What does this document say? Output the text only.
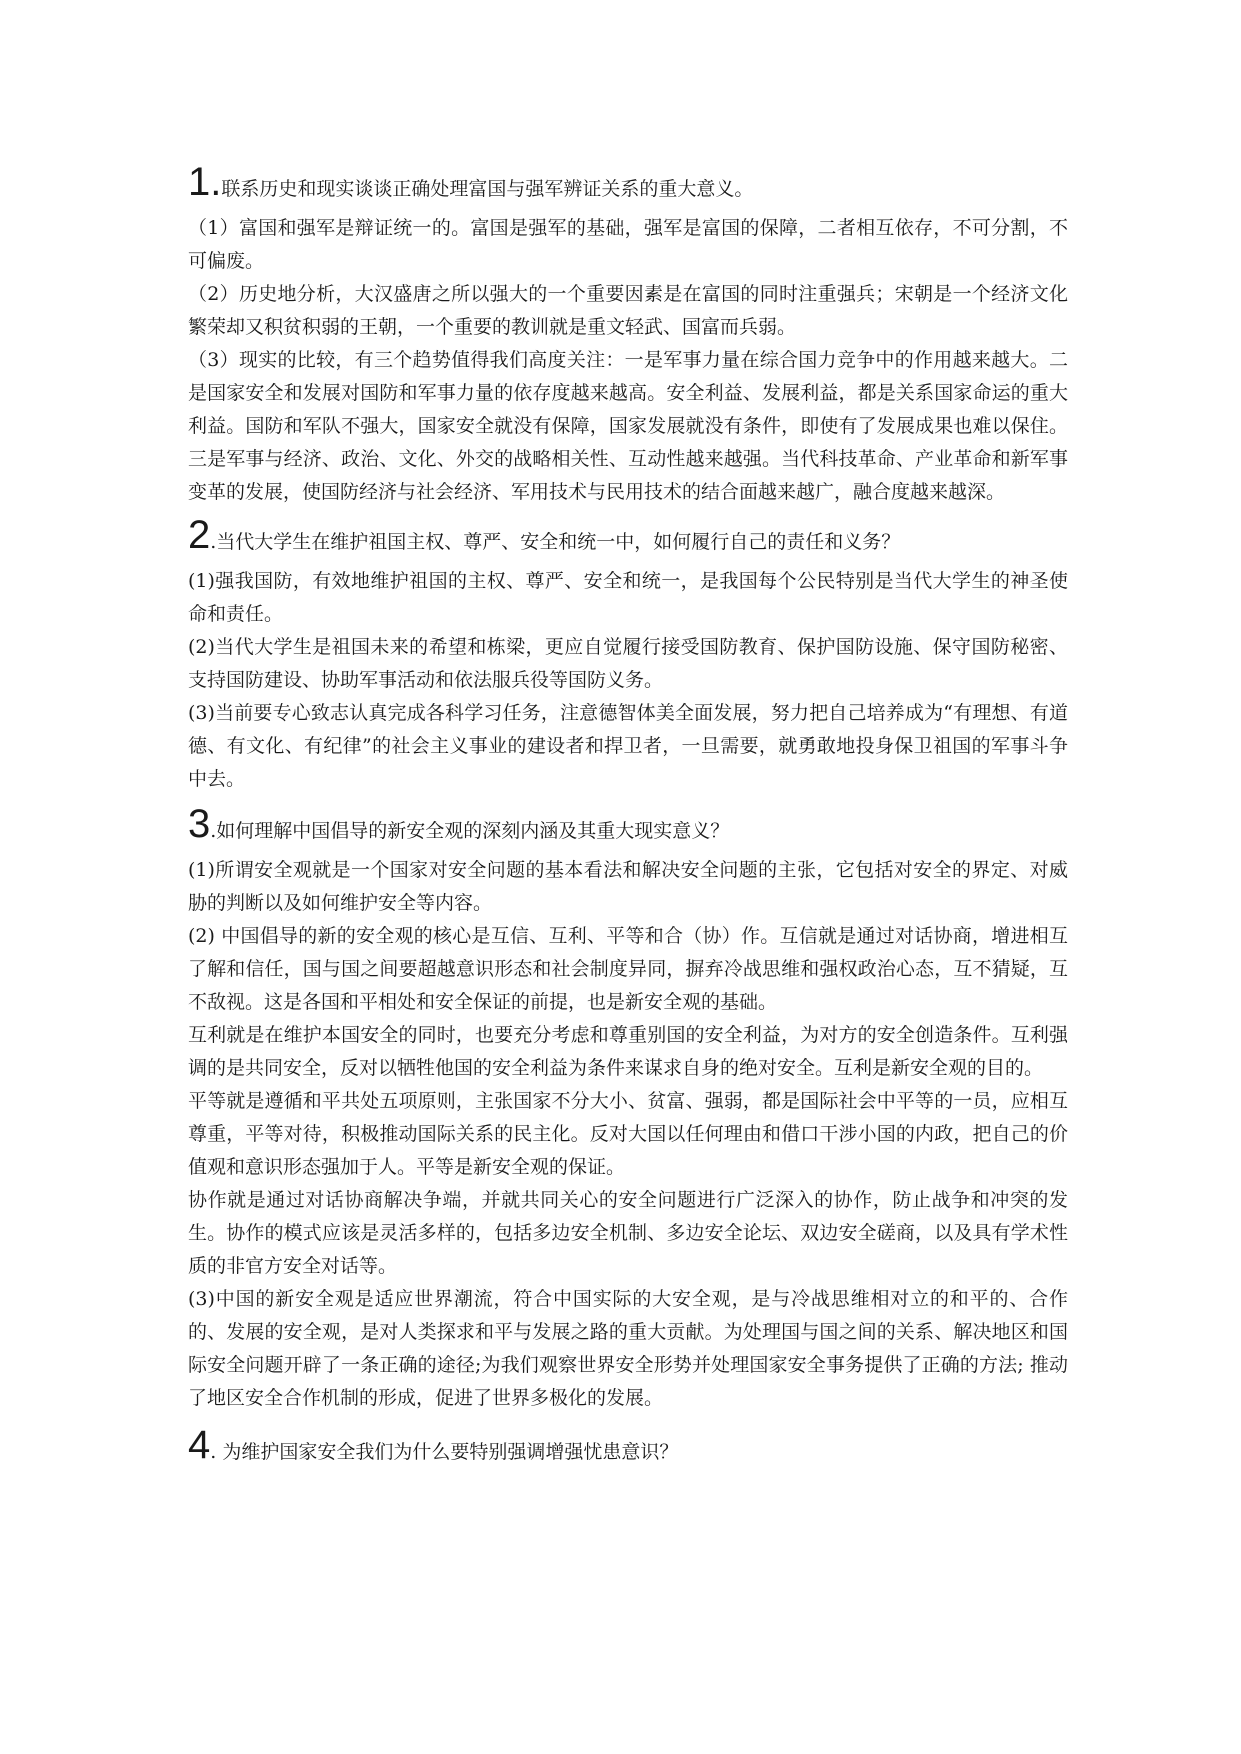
1. 联系历史和现实谈谈正确处理富国与强军辨证关系的重大意义。

（1）富国和强军是辩证统一的。富国是强军的基础，强军是富国的保障，二者相互依存，不可分割，不可偏废。

（2）历史地分析，大汉盛唐之所以强大的一个重要因素是在富国的同时注重强兵；宋朝是一个经济文化繁荣却又积贫积弱的王朝，一个重要的教训就是重文轻武、国富而兵弱。

（3）现实的比较，有三个趋势值得我们高度关注：一是军事力量在综合国力竞争中的作用越来越大。二是国家安全和发展对国防和军事力量的依存度越来越高。安全利益、发展利益，都是关系国家命运的重大利益。国防和军队不强大，国家安全就没有保障，国家发展就没有条件，即使有了发展成果也难以保住。三是军事与经济、政治、文化、外交的战略相关性、互动性越来越强。当代科技革命、产业革命和新军事变革的发展，使国防经济与社会经济、军用技术与民用技术的结合面越来越广，融合度越来越深。

2 .当代大学生在维护祖国主权、尊严、安全和统一中，如何履行自己的责任和义务？

(1)强我国防，有效地维护祖国的主权、尊严、安全和统一，是我国每个公民特别是当代大学生的神圣使命和责任。

(2)当代大学生是祖国未来的希望和栋梁，更应自觉履行接受国防教育、保护国防设施、保守国防秘密、支持国防建设、协助军事活动和依法服兵役等国防义务。

(3)当前要专心致志认真完成各科学习任务，注意德智体美全面发展，努力把自己培养成为“有理想、有道德、有文化、有纪律”的社会主义事业的建设者和捍卫者，一旦需要，就勇敢地投身保卫祖国的军事斗争中去。

3 .如何理解中国倡导的新安全观的深刻内涵及其重大现实意义？

(1)所谓安全观就是一个国家对安全问题的基本看法和解决安全问题的主张，它包括对安全的界定、对威胁的判断以及如何维护安全等内容。

(2) 中国倡导的新的安全观的核心是互信、互利、平等和合（协）作。互信就是通过对话协商，增进相互了解和信任，国与国之间要超越意识形态和社会制度异同，摒弃冷战思维和强权政治心态，互不猜疑，互不敌视。这是各国和平相处和安全保证的前提，也是新安全观的基础。

互利就是在维护本国安全的同时，也要充分考虑和尊重别国的安全利益，为对方的安全创造条件。互利强调的是共同安全，反对以牺牲他国的安全利益为条件来谋求自身的绝对安全。互利是新安全观的目的。

平等就是遵循和平共处五项原则，主张国家不分大小、贫富、强弱，都是国际社会中平等的一员，应相互尊重，平等对待，积极推动国际关系的民主化。反对大国以任何理由和借口干涉小国的内政，把自己的价值观和意识形态强加于人。平等是新安全观的保证。

协作就是通过对话协商解决争端，并就共同关心的安全问题进行广泛深入的协作，防止战争和冲突的发生。协作的模式应该是灵活多样的，包括多边安全机制、多边安全论坛、双边安全磋商，以及具有学术性质的非官方安全对话等。

(3)中国的新安全观是适应世界潮流，符合中国实际的大安全观，是与冷战思维相对立的和平的、合作的、发展的安全观，是对人类探求和平与发展之路的重大贡献。为处理国与国之间的关系、解决地区和国际安全问题开辟了一条正确的途径;为我们观察世界安全形势并处理国家安全事务提供了正确的方法; 推动了地区安全合作机制的形成，促进了世界多极化的发展。

4 . 为维护国家安全我们为什么要特别强调增强忧患意识？
